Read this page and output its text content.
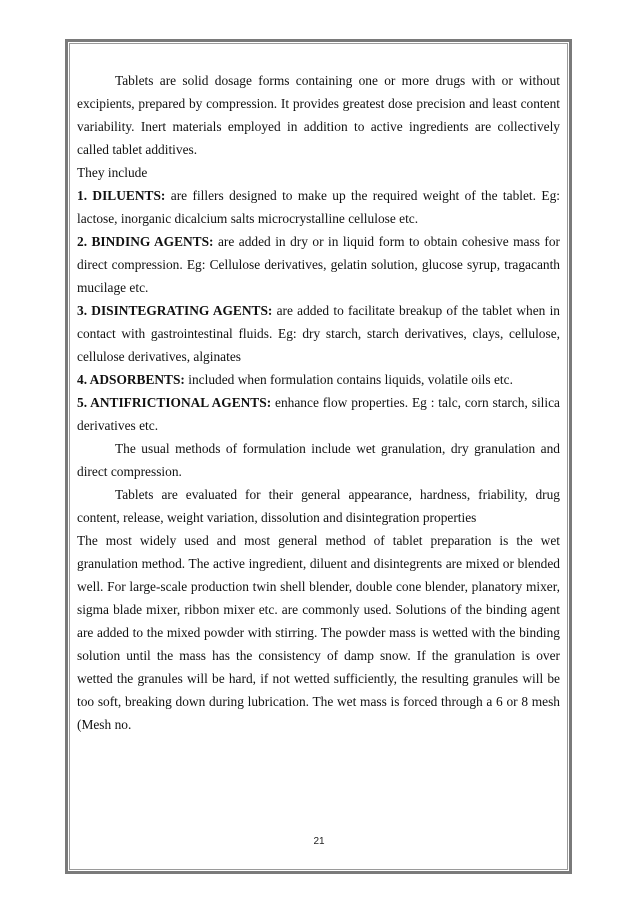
Tablets are solid dosage forms containing one or more drugs with or without excipients, prepared by compression. It provides greatest dose precision and least content variability. Inert materials employed in addition to active ingredients are collectively called tablet additives.

They include

1. DILUENTS: are fillers designed to make up the required weight of the tablet. Eg: lactose, inorganic dicalcium salts microcrystalline cellulose etc.

2. BINDING AGENTS: are added in dry or in liquid form to obtain cohesive mass for direct compression. Eg: Cellulose derivatives, gelatin solution, glucose syrup, tragacanth mucilage etc.

3. DISINTEGRATING AGENTS: are added to facilitate breakup of the tablet when in contact with gastrointestinal fluids. Eg: dry starch, starch derivatives, clays, cellulose, cellulose derivatives, alginates

4. ADSORBENTS: included when formulation contains liquids, volatile oils etc.

5. ANTIFRICTIONAL AGENTS: enhance flow properties. Eg : talc, corn starch, silica derivatives etc.

The usual methods of formulation include wet granulation, dry granulation and direct compression.

Tablets are evaluated for their general appearance, hardness, friability, drug content, release, weight variation, dissolution and disintegration properties

The most widely used and most general method of tablet preparation is the wet granulation method. The active ingredient, diluent and disintegrents are mixed or blended well. For large-scale production twin shell blender, double cone blender, planatory mixer, sigma blade mixer, ribbon mixer etc. are commonly used. Solutions of the binding agent are added to the mixed powder with stirring. The powder mass is wetted with the binding solution until the mass has the consistency of damp snow. If the granulation is over wetted the granules will be hard, if not wetted sufficiently, the resulting granules will be too soft, breaking down during lubrication. The wet mass is forced through a 6 or 8 mesh (Mesh no.

21
